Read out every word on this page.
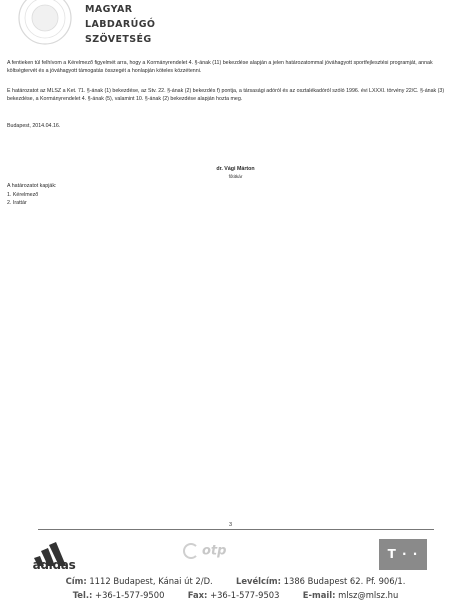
MAGYAR
LABDARÚGÓ
SZÖVETSÉG
A fentieken túl felhívom a Kérelmező figyelmét arra, hogy a Kormányrendelet 4. §-ának (11) bekezdése alapján a jelen határozatommal jóváhagyott sportfejlesztési programját, annak költségtervét és a jóváhagyott támogatás összegét a honlapján köteles közzétenni.
E határozatot az MLSZ a Ket. 71. §-ának (1) bekezdése, az Stv. 22. §-ának (2) bekezdés f) pontja, a társasági adóról és az osztalékadóról szóló 1996. évi LXXXI. törvény 22/C. §-ának (3) bekezdése, a Kormányrendelet 4. §-ának (5), valamint 10. §-ának (2) bekezdése alapján hozta meg.
Budapest, 2014.04.16.
dr. Vági Márton
főtitkár
A határozatot kapják:
1. Kérelmező
2. Irattár
3
adidas
otp	T · ·
Cím: 1112 Budapest, Kánai út 2/D.	Levélcím: 1386 Budapest 62. Pf. 906/1.
Tel.: +36-1-577-9500	Fax: +36-1-577-9503	E-mail: mlsz@mlsz.hu
